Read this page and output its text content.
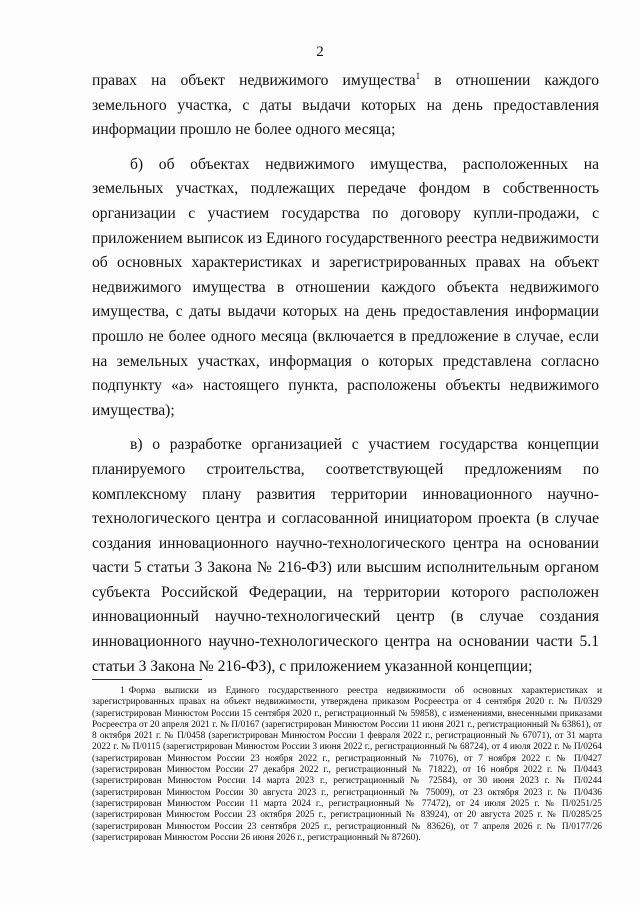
2

правах на объект недвижимого имущества$^1$ в отношении каждого земельного участка, с даты выдачи которых на день предоставления информации прошло не более одного месяца;

б) об объектах недвижимого имущества, расположенных на земельных участках, подлежащих передаче фондом в собственность организации с участием государства по договору купли-продажи, с приложением выписок из Единого государственного реестра недвижимости об основных характеристиках и зарегистрированных правах на объект недвижимого имущества в отношении каждого объекта недвижимого имущества, с даты выдачи которых на день предоставления информации прошло не более одного месяца (включается в предложение в случае, если на земельных участках, информация о которых представлена согласно подпункту «а» настоящего пункта, расположены объекты недвижимого имущества);

в) о разработке организацией с участием государства концепции планируемого строительства, соответствующей предложениям по комплексному плану развития территории инновационного научно-технологического центра и согласованной инициатором проекта (в случае создания инновационного научно-технологического центра на основании части 5 статьи 3 Закона № 216-ФЗ) или высшим исполнительным органом субъекта Российской Федерации, на территории которого расположен инновационный научно-технологический центр (в случае создания инновационного научно-технологического центра на основании части 5.1 статьи 3 Закона № 216-ФЗ), с приложением указанной концепции;

1 Форма выписки из Единого государственного реестра недвижимости об основных характеристиках и зарегистрированных правах на объект недвижимости, утверждена приказом Росреестра от 4 сентября 2020 г. № П/0329 (зарегистрирован Минюстом России 15 сентября 2020 г., регистрационный № 59858), с изменениями, внесенными приказами Росреестра от 20 апреля 2021 г. № П/0167 (зарегистрирован Минюстом России 11 июня 2021 г., регистрационный № 63861), от 8 октября 2021 г. № П/0458 (зарегистрирован Минюстом России 1 февраля 2022 г., регистрационный № 67071), от 31 марта 2022 г. № П/0115 (зарегистрирован Минюстом России 3 июня 2022 г., регистрационный № 68724), от 4 июля 2022 г. № П/0264 (зарегистрирован Минюстом России 23 ноября 2022 г., регистрационный № 71076), от 7 ноября 2022 г. № П/0427 (зарегистрирован Минюстом России 27 декабря 2022 г., регистрационный № 71822), от 16 ноября 2022 г. № П/0443 (зарегистрирован Минюстом России 14 марта 2023 г., регистрационный № 72584), от 30 июня 2023 г. № П/0244 (зарегистрирован Минюстом России 30 августа 2023 г., регистрационный № 75009), от 23 октября 2023 г. № П/0436 (зарегистрирован Минюстом России 11 марта 2024 г., регистрационный № 77472), от 24 июля 2025 г. № П/0251/25 (зарегистрирован Минюстом России 23 октября 2025 г., регистрационный № 83924), от 20 августа 2025 г. № П/0285/25 (зарегистрирован Минюстом России 23 сентября 2025 г., регистрационный № 83626), от 7 апреля 2026 г. № П/0177/26 (зарегистрирован Минюстом России 26 июня 2026 г., регистрационный № 87260).
